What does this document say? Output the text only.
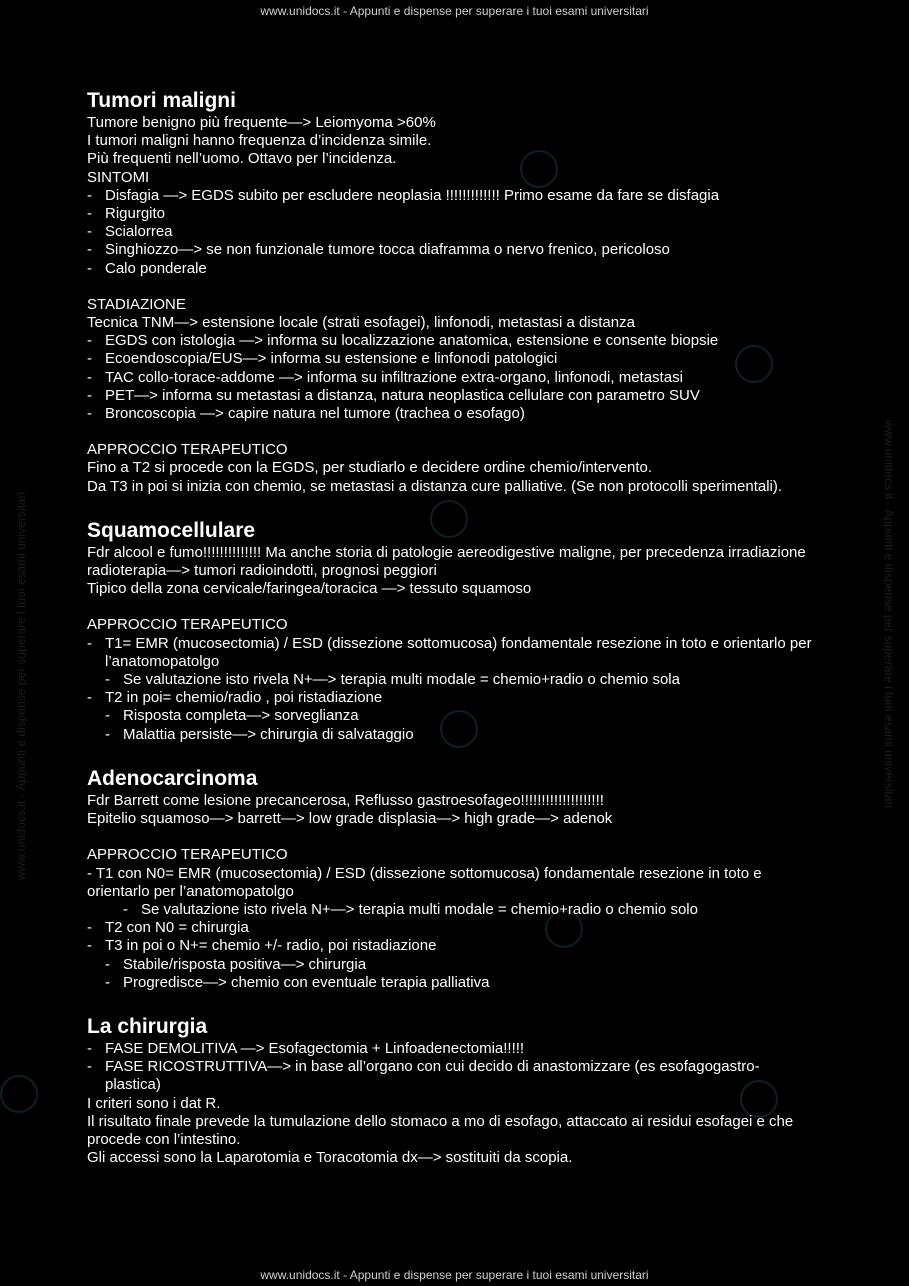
www.unidocs.it - Appunti e dispense per superare i tuoi esami universitari
www.unidocs.it - Appunti e dispense per superare i tuoi esami universitari
www.unidocs.it - Appunti e dispense per superare i tuoi esami universitari	www.unidocs.it - Appunti e dispense per superare i tuoi esami universitari
Tumori maligni

Tumore benigno più frequente—> Leiomyoma >60%

I tumori maligni hanno frequenza d’incidenza simile.

Più frequenti nell’uomo. Ottavo per l’incidenza.

SINTOMI

- Disfagia —> EGDS subito per escludere neoplasia !!!!!!!!!!!!! Primo esame da fare se disfagia
- Rigurgito
- Scialorrea
- Singhiozzo—> se non funzionale tumore tocca diaframma o nervo frenico, pericoloso
- Calo ponderale

STADIAZIONE

Tecnica TNM—> estensione locale (strati esofagei), linfonodi, metastasi a distanza

- EGDS con istologia —> informa su localizzazione anatomica, estensione e consente biopsie
- Ecoendoscopia/EUS—> informa su estensione e linfonodi patologici
- TAC collo-torace-addome —> informa su infiltrazione extra-organo, linfonodi, metastasi
- PET—> informa su metastasi a distanza, natura neoplastica cellulare con parametro SUV
- Broncoscopia —> capire natura nel tumore (trachea o esofago)

APPROCCIO TERAPEUTICO

Fino a T2 si procede con la EGDS, per studiarlo e decidere ordine chemio/intervento.

Da T3 in poi si inizia con chemio, se metastasi a distanza cure palliative. (Se non protocolli sperimentali).

Squamocellulare

Fdr alcool e fumo!!!!!!!!!!!!!! Ma anche storia di patologie aereodigestive maligne, per precedenza irradiazione radioterapia—> tumori radioindotti, prognosi peggiori

Tipico della zona cervicale/faringea/toracica —> tessuto squamoso

APPROCCIO TERAPEUTICO

- T1= EMR (mucosectomia) / ESD (dissezione sottomucosa) fondamentale resezione in toto e orientarlo per l’anatomopatolgo
- Se valutazione isto rivela N+—> terapia multi modale = chemio+radio o chemio sola
- T2 in poi= chemio/radio , poi ristadiazione
- Risposta completa—> sorveglianza
- Malattia persiste—> chirurgia di salvataggio
Adenocarcinoma

Fdr Barrett come lesione precancerosa, Reflusso gastroesofageo!!!!!!!!!!!!!!!!!!!!

Epitelio squamoso—> barrett—> low grade displasia—> high grade—> adenok

APPROCCIO TERAPEUTICO

- T1 con N0= EMR (mucosectomia) / ESD (dissezione sottomucosa) fondamentale resezione in toto e orientarlo per l’anatomopatolgo

- Se valutazione isto rivela N+—> terapia multi modale = chemio+radio o chemio solo
- T2 con N0 = chirurgia
- T3 in poi o N+= chemio +/- radio, poi ristadiazione
- Stabile/risposta positiva—> chirurgia
- Progredisce—> chemio con eventuale terapia palliativa
La chirurgia
- FASE DEMOLITIVA —> Esofagectomia + Linfoadenectomia!!!!!
- FASE RICOSTRUTTIVA—> in base all’organo con cui decido di anastomizzare (es esofagogastro-plastica)

I criteri sono i dat R.

Il risultato finale prevede la tumulazione dello stomaco a mo di esofago, attaccato ai residui esofagei e che procede con l’intestino.

Gli accessi sono la Laparotomia e Toracotomia dx—> sostituiti da scopia.
